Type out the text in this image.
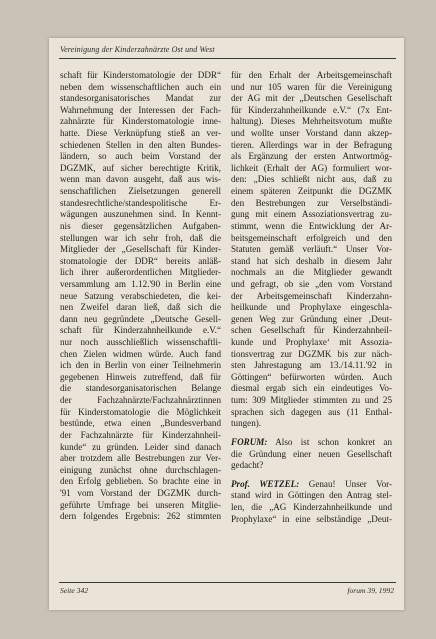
Vereinigung der Kinderzahnärzte Ost und West
schaft für Kinderstomatologie der DDR“
neben dem wissenschaftlichen auch ein
standesorganisatorisches Mandat zur
Wahrnehmung der Interessen der Fach-
zahnärzte für Kinderstomatologie inne-
hatte. Diese Verknüpfung stieß an ver-
schiedenen Stellen in den alten Bundes-
ländern, so auch beim Vorstand der
DGZMK, auf sicher berechtigte Kritik,
wenn man davon ausgeht, daß aus wis-
senschaftlichen Zielsetzungen generell
standesrechtliche/standespolitische Er-
wägungen auszunehmen sind. In Kennt-
nis dieser gegensätzlichen Aufgaben-
stellungen war ich sehr froh, daß die
Mitglieder der „Gesellschaft für Kinder-
stomatologie der DDR“ bereits anläß-
lich ihrer außerordentlichen Mitglieder-
versammlung am 1.12.'90 in Berlin eine
neue Satzung verabschiedeten, die kei-
nen Zweifel daran ließ, daß sich die
dann neu gegründete „Deutsche Gesell-
schaft für Kinderzahnheilkunde e.V.“
nur noch ausschließlich wissenschaftli-
chen Zielen widmen würde. Auch fand
ich den in Berlin von einer Teilnehmerin
gegebenen Hinweis zutreffend, daß für
die standesorganisatorischen Belange
der Fachzahnärzte/Fachzahnärztinnen
für Kinderstomatologie die Möglichkeit
bestünde, etwa einen „Bundesverband
der Fachzahnärzte für Kinderzahnheil-
kunde“ zu gründen. Leider sind danach
aber trotzdem alle Bestrebungen zur Ver-
einigung zunächst ohne durchschlagen-
den Erfolg geblieben. So brachte eine in
'91 vom Vorstand der DGZMK durch-
geführte Umfrage bei unseren Mitglie-
dern folgendes Ergebnis: 262 stimmten
für den Erhalt der Arbeitsgemeinschaft
und nur 105 waren für die Vereinigung
der AG mit der „Deutschen Gesellschaft
für Kinderzahnheilkunde e.V.“ (7x Ent-
haltung). Dieses Mehrheitsvotum mußte
und wollte unser Vorstand dann akzep-
tieren. Allerdings war in der Befragung
als Ergänzung der ersten Antwortmög-
lichkeit (Erhalt der AG) formuliert wor-
den: „Dies schließt nicht aus, daß zu
einem späteren Zeitpunkt die DGZMK
den Bestrebungen zur Verselbständi-
gung mit einem Assoziationsvertrag zu-
stimmt, wenn die Entwicklung der Ar-
beitsgemeinschaft erfolgreich und den
Statuten gemäß verläuft.“ Unser Vor-
stand hat sich deshalb in diesem Jahr
nochmals an die Mitglieder gewandt
und gefragt, ob sie „den vom Vorstand
der Arbeitsgemeinschaft Kinderzahn-
heilkunde und Prophylaxe eingeschla-
genen Weg zur Gründung einer ‚Deut-
schen Gesellschaft für Kinderzahnheil-
kunde und Prophylaxe‘ mit Assozia-
tionsvertrag zur DGZMK bis zur näch-
sten Jahrestagung am 13./14.11.'92 in
Göttingen“ befürworten würden. Auch
diesmal ergab sich ein eindeutiges Vo-
tum: 309 Mitglieder stimmten zu und 25
sprachen sich dagegen aus (11 Enthal-
tungen).
FORUM: Also ist schon konkret an
die Gründung einer neuen Gesellschaft
gedacht?
Prof. WETZEL: Genau! Unser Vor-
stand wird in Göttingen den Antrag stel-
len, die „AG Kinderzahnheilkunde und
Prophylaxe“ in eine selbständige „Deut-
Seite 342	forum 39, 1992
